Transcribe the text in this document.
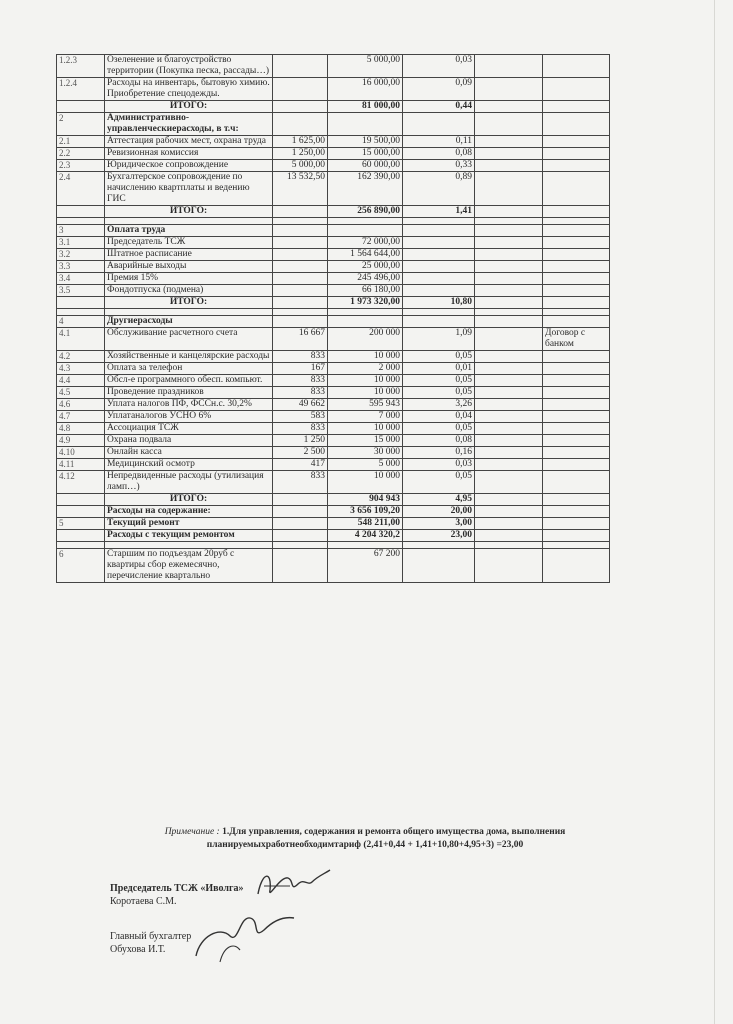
1.2.3	Озеленение и благоустройство территории (Покупка песка, рассады…)		5 000,00	0,03		
1.2.4	Расходы на инвентарь, бытовую химию. Приобретение спецодежды.		16 000,00	0,09		
	ИТОГО:		81 000,00	0,44		
2	Административно-управленческиерасходы, в т.ч:					
2.1	Аттестация рабочих мест, охрана труда	1 625,00	19 500,00	0,11		
2.2	Ревизионная комиссия	1 250,00	15 000,00	0,08		
2.3	Юридическое сопровождение	5 000,00	60 000,00	0,33		
2.4	Бухгалтерское сопровождение по начислению квартплаты и ведению ГИС	13 532,50	162 390,00	0,89		
	ИТОГО:		256 890,00	1,41		

3	Оплата труда					
3.1	Председатель ТСЖ		72 000,00			
3.2	Штатное расписание		1 564 644,00			
3.3	Аварийные выходы		25 000,00			
3.4	Премия 15%		245 496,00			
3.5	Фондотпуска (подмена)		66 180,00			
	ИТОГО:		1 973 320,00	10,80		

4	Другиерасходы					
4.1	Обслуживание расчетного счета	16 667	200 000	1,09		Договор с банком
4.2	Хозяйственные и канцелярские расходы	833	10 000	0,05		
4.3	Оплата за телефон	167	2 000	0,01		
4.4	Обсл-е программного обесп. компьют.	833	10 000	0,05		
4.5	Проведение праздников	833	10 000	0,05		
4.6	Уплата налогов ПФ, ФССн.с. 30,2%	49 662	595 943	3,26		
4.7	Уплатаналогов УСНО 6%	583	7 000	0,04		
4.8	Ассоциация ТСЖ	833	10 000	0,05		
4.9	Охрана подвала	1 250	15 000	0,08		
4.10	Онлайн касса	2 500	30 000	0,16		
4.11	Медицинский осмотр	417	5 000	0,03		
4.12	Непредвиденные расходы (утилизация ламп…)	833	10 000	0,05		
	ИТОГО:		904 943	4,95		
	Расходы на содержание:		3 656 109,20	20,00		
5	Текущий ремонт		548 211,00	3,00		
	Расходы с текущим ремонтом		4 204 320,2	23,00		

6	Старшим по подъездам 20руб с квартиры сбор ежемесячно, перечисление квартально		67 200			
Примечание : 1.Для управления, содержания и ремонта общего имущества дома, выполнения планируемыхработнеобходимтариф (2,41+0,44 + 1,41+10,80+4,95+3) =23,00
Председатель ТСЖ «Иволга»
Коротаева С.М.
Главный бухгалтер
Обухова И.Т.
